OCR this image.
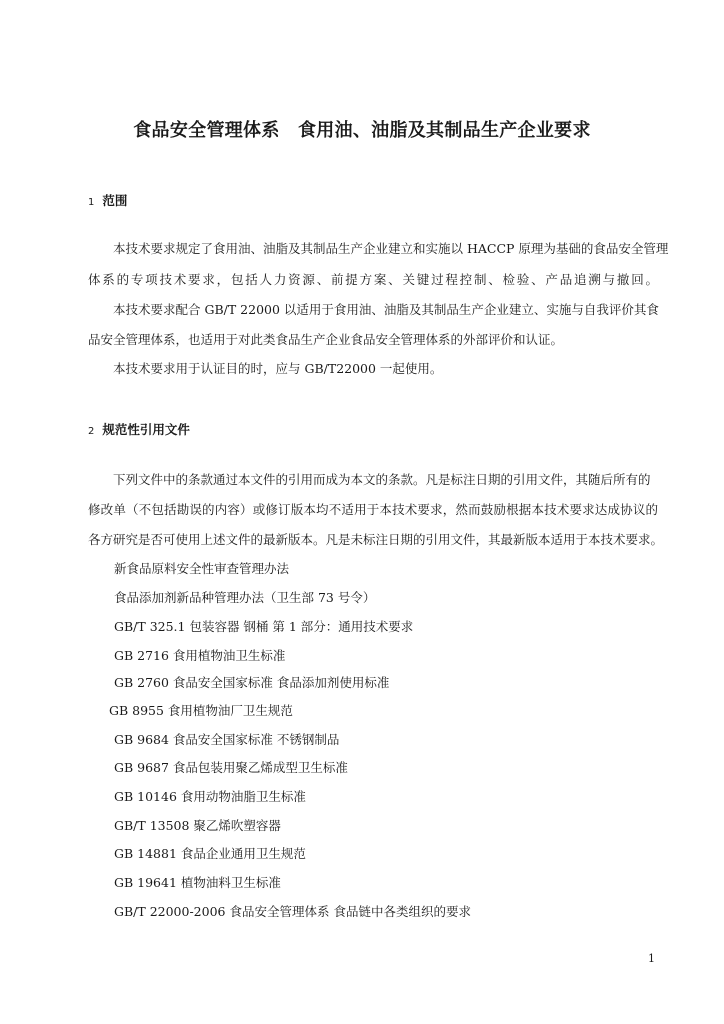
食品安全管理体系　食用油、油脂及其制品生产企业要求
1 范围
本技术要求规定了食用油、油脂及其制品生产企业建立和实施以 HACCP 原理为基础的食品安全管理
体系的专项技术要求，包括人力资源、前提方案、关键过程控制、检验、产品追溯与撤回。
本技术要求配合 GB/T 22000 以适用于食用油、油脂及其制品生产企业建立、实施与自我评价其食
品安全管理体系，也适用于对此类食品生产企业食品安全管理体系的外部评价和认证。
本技术要求用于认证目的时，应与 GB/T22000 一起使用。
2 规范性引用文件
下列文件中的条款通过本文件的引用而成为本文的条款。凡是标注日期的引用文件，其随后所有的
修改单（不包括勘误的内容）或修订版本均不适用于本技术要求，然而鼓励根据本技术要求达成协议的
各方研究是否可使用上述文件的最新版本。凡是未标注日期的引用文件，其最新版本适用于本技术要求。
新食品原料安全性审查管理办法
食品添加剂新品种管理办法（卫生部 73 号令）
GB/T 325.1 包装容器 钢桶 第 1 部分：通用技术要求
GB 2716 食用植物油卫生标准
GB 2760 食品安全国家标准 食品添加剂使用标准
GB 8955 食用植物油厂卫生规范
GB 9684 食品安全国家标准 不锈钢制品
GB 9687 食品包装用聚乙烯成型卫生标准
GB 10146 食用动物油脂卫生标准
GB/T 13508 聚乙烯吹塑容器
GB 14881 食品企业通用卫生规范
GB 19641 植物油料卫生标准
GB/T 22000-2006 食品安全管理体系 食品链中各类组织的要求
1
